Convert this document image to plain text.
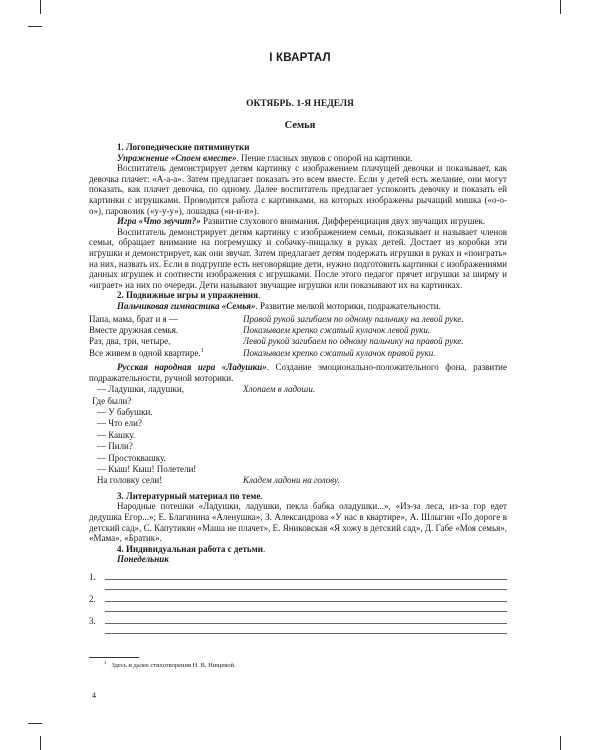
I КВАРТАЛ
ОКТЯБРЬ. 1-Я НЕДЕЛЯ
Семья
1. Логопедические пятиминутки

Упражнение «Споем вместе». Пение гласных звуков с опорой на картинки.

Воспитатель демонстрирует детям картинку с изображением плачущей девочки и показывает, как девочка плачет: «А-а-а». Затем предлагает показать это всем вместе. Если у детей есть желание, они могут показать, как плачет девочка, по одному. Далее воспитатель предлагает успокоить девочку и показать ей картинки с игрушками. Проводится работа с картинками, на которых изображены рычащий мишка («о-о-о»), паровозик («у-у-у»), лошадка («и-и-и»).

Игра «Что звучит?» Развитие слухового внимания. Дифференциация двух звучащих игрушек.

Воспитатель демонстрирует детям картинку с изображением семьи, показывает и называет членов семьи, обращает внимание на погремушку и собачку-пищалку в руках детей. Достает из коробки эти игрушки и демонстрирует, как они звучат. Затем предлагает детям подержать игрушки в руках и «поиграть» на них, назвать их. Если в подгруппе есть неговорящие дети, нужно подготовить картинки с изображениями данных игрушек и соотнести изображения с игрушками. После этого педагог прячет игрушки за ширму и «играет» на них по очереди. Дети называют звучащие игрушки или показывают их на картинках.

2. Подвижные игры и упражнения.

Пальчиковая гимнастика «Семья». Развитие мелкой моторики, подражательности.

Папа, мама, брат и я —	Правой рукой загибаем по одному пальчику на левой руке.
Вместе дружная семья.	Показываем крепко сжатый кулачок левой руки.
Раз, два, три, четыре,	Левой рукой загибаем по одному пальчику на правой руке.
Все живем в одной квартире.$^1$	Показываем крепко сжатый кулачок правой руки.

Русская народная игра «Ладушки». Создание эмоционально-положительного фона, развитие подражательности, ручной моторики.

— Ладушки, ладушки,	Хлопаем в ладоши.
Где были?
— У бабушки.
— Что ели?
— Кашку.
— Пили?
— Простоквашку.
— Кыш! Кыш! Полетели!
На головку сели!	Кладем ладони на голову.
3. Литературный материал по теме.

Народные потешки «Ладушки, ладушки, пекла бабка оладушки...», «Из-за леса, из-за гор едет дедушка Егор...»; Е. Благинина «Аленушка», З. Александрова «У нас в квартире», А. Шлыгин «По дороге в детский сад», С. Капутикян «Маша не плачет», Е. Яниковская «Я хожу в детский сад», Д. Габе «Моя семья», «Мама», «Братик».

4. Индивидуальная работа с детьми.
Понедельник
1.
2.
3.
$^1$ Здесь и далее стихотворения Н. В. Нищевой.
4
